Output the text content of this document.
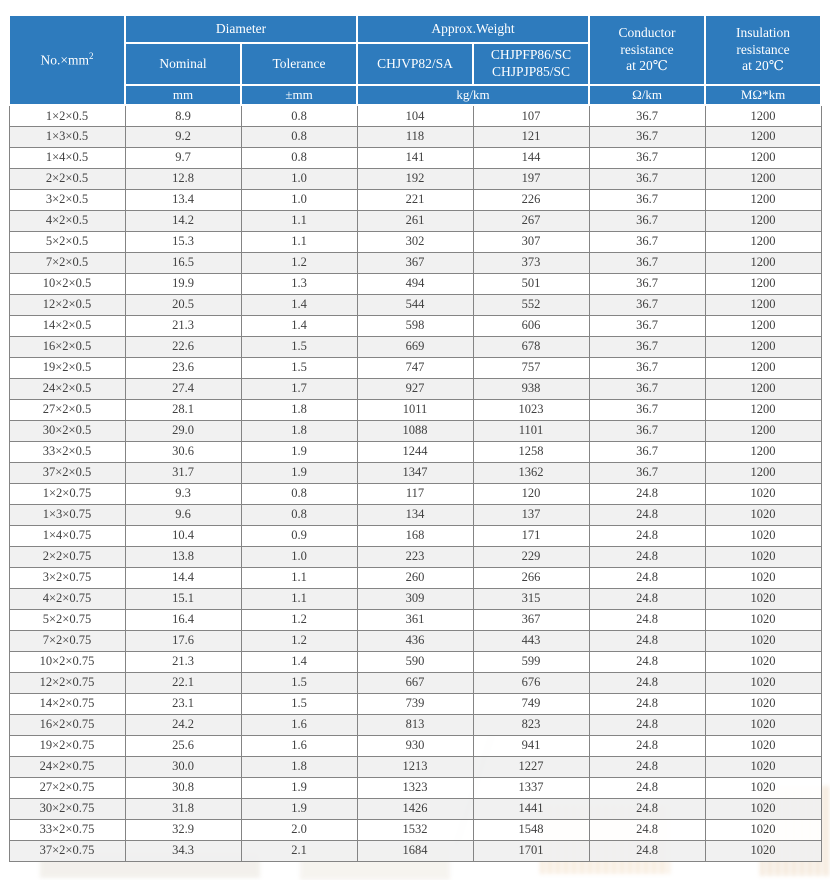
$No.\times mm^2$	Diameter		Approx.Weight		Conductor
resistance
at 20℃	Insulation
resistance
at 20℃

	Nominal	Tolerance	CHJVP82/SA	CHJPFP86/SC
CHJPJP85/SC		

	mm	±mm	kg/km		Ω/km	MΩ*km
1×2×0.5	8.9	0.8	104	107	36.7	1200
1×3×0.5	9.2	0.8	118	121	36.7	1200
1×4×0.5	9.7	0.8	141	144	36.7	1200
2×2×0.5	12.8	1.0	192	197	36.7	1200
3×2×0.5	13.4	1.0	221	226	36.7	1200
4×2×0.5	14.2	1.1	261	267	36.7	1200
5×2×0.5	15.3	1.1	302	307	36.7	1200
7×2×0.5	16.5	1.2	367	373	36.7	1200
10×2×0.5	19.9	1.3	494	501	36.7	1200
12×2×0.5	20.5	1.4	544	552	36.7	1200
14×2×0.5	21.3	1.4	598	606	36.7	1200
16×2×0.5	22.6	1.5	669	678	36.7	1200
19×2×0.5	23.6	1.5	747	757	36.7	1200
24×2×0.5	27.4	1.7	927	938	36.7	1200
27×2×0.5	28.1	1.8	1011	1023	36.7	1200
30×2×0.5	29.0	1.8	1088	1101	36.7	1200
33×2×0.5	30.6	1.9	1244	1258	36.7	1200
37×2×0.5	31.7	1.9	1347	1362	36.7	1200
1×2×0.75	9.3	0.8	117	120	24.8	1020
1×3×0.75	9.6	0.8	134	137	24.8	1020
1×4×0.75	10.4	0.9	168	171	24.8	1020
2×2×0.75	13.8	1.0	223	229	24.8	1020
3×2×0.75	14.4	1.1	260	266	24.8	1020
4×2×0.75	15.1	1.1	309	315	24.8	1020
5×2×0.75	16.4	1.2	361	367	24.8	1020
7×2×0.75	17.6	1.2	436	443	24.8	1020
10×2×0.75	21.3	1.4	590	599	24.8	1020
12×2×0.75	22.1	1.5	667	676	24.8	1020
14×2×0.75	23.1	1.5	739	749	24.8	1020
16×2×0.75	24.2	1.6	813	823	24.8	1020
19×2×0.75	25.6	1.6	930	941	24.8	1020
24×2×0.75	30.0	1.8	1213	1227	24.8	1020
27×2×0.75	30.8	1.9	1323	1337	24.8	1020
30×2×0.75	31.8	1.9	1426	1441	24.8	1020
33×2×0.75	32.9	2.0	1532	1548	24.8	1020
37×2×0.75	34.3	2.1	1684	1701	24.8	1020
